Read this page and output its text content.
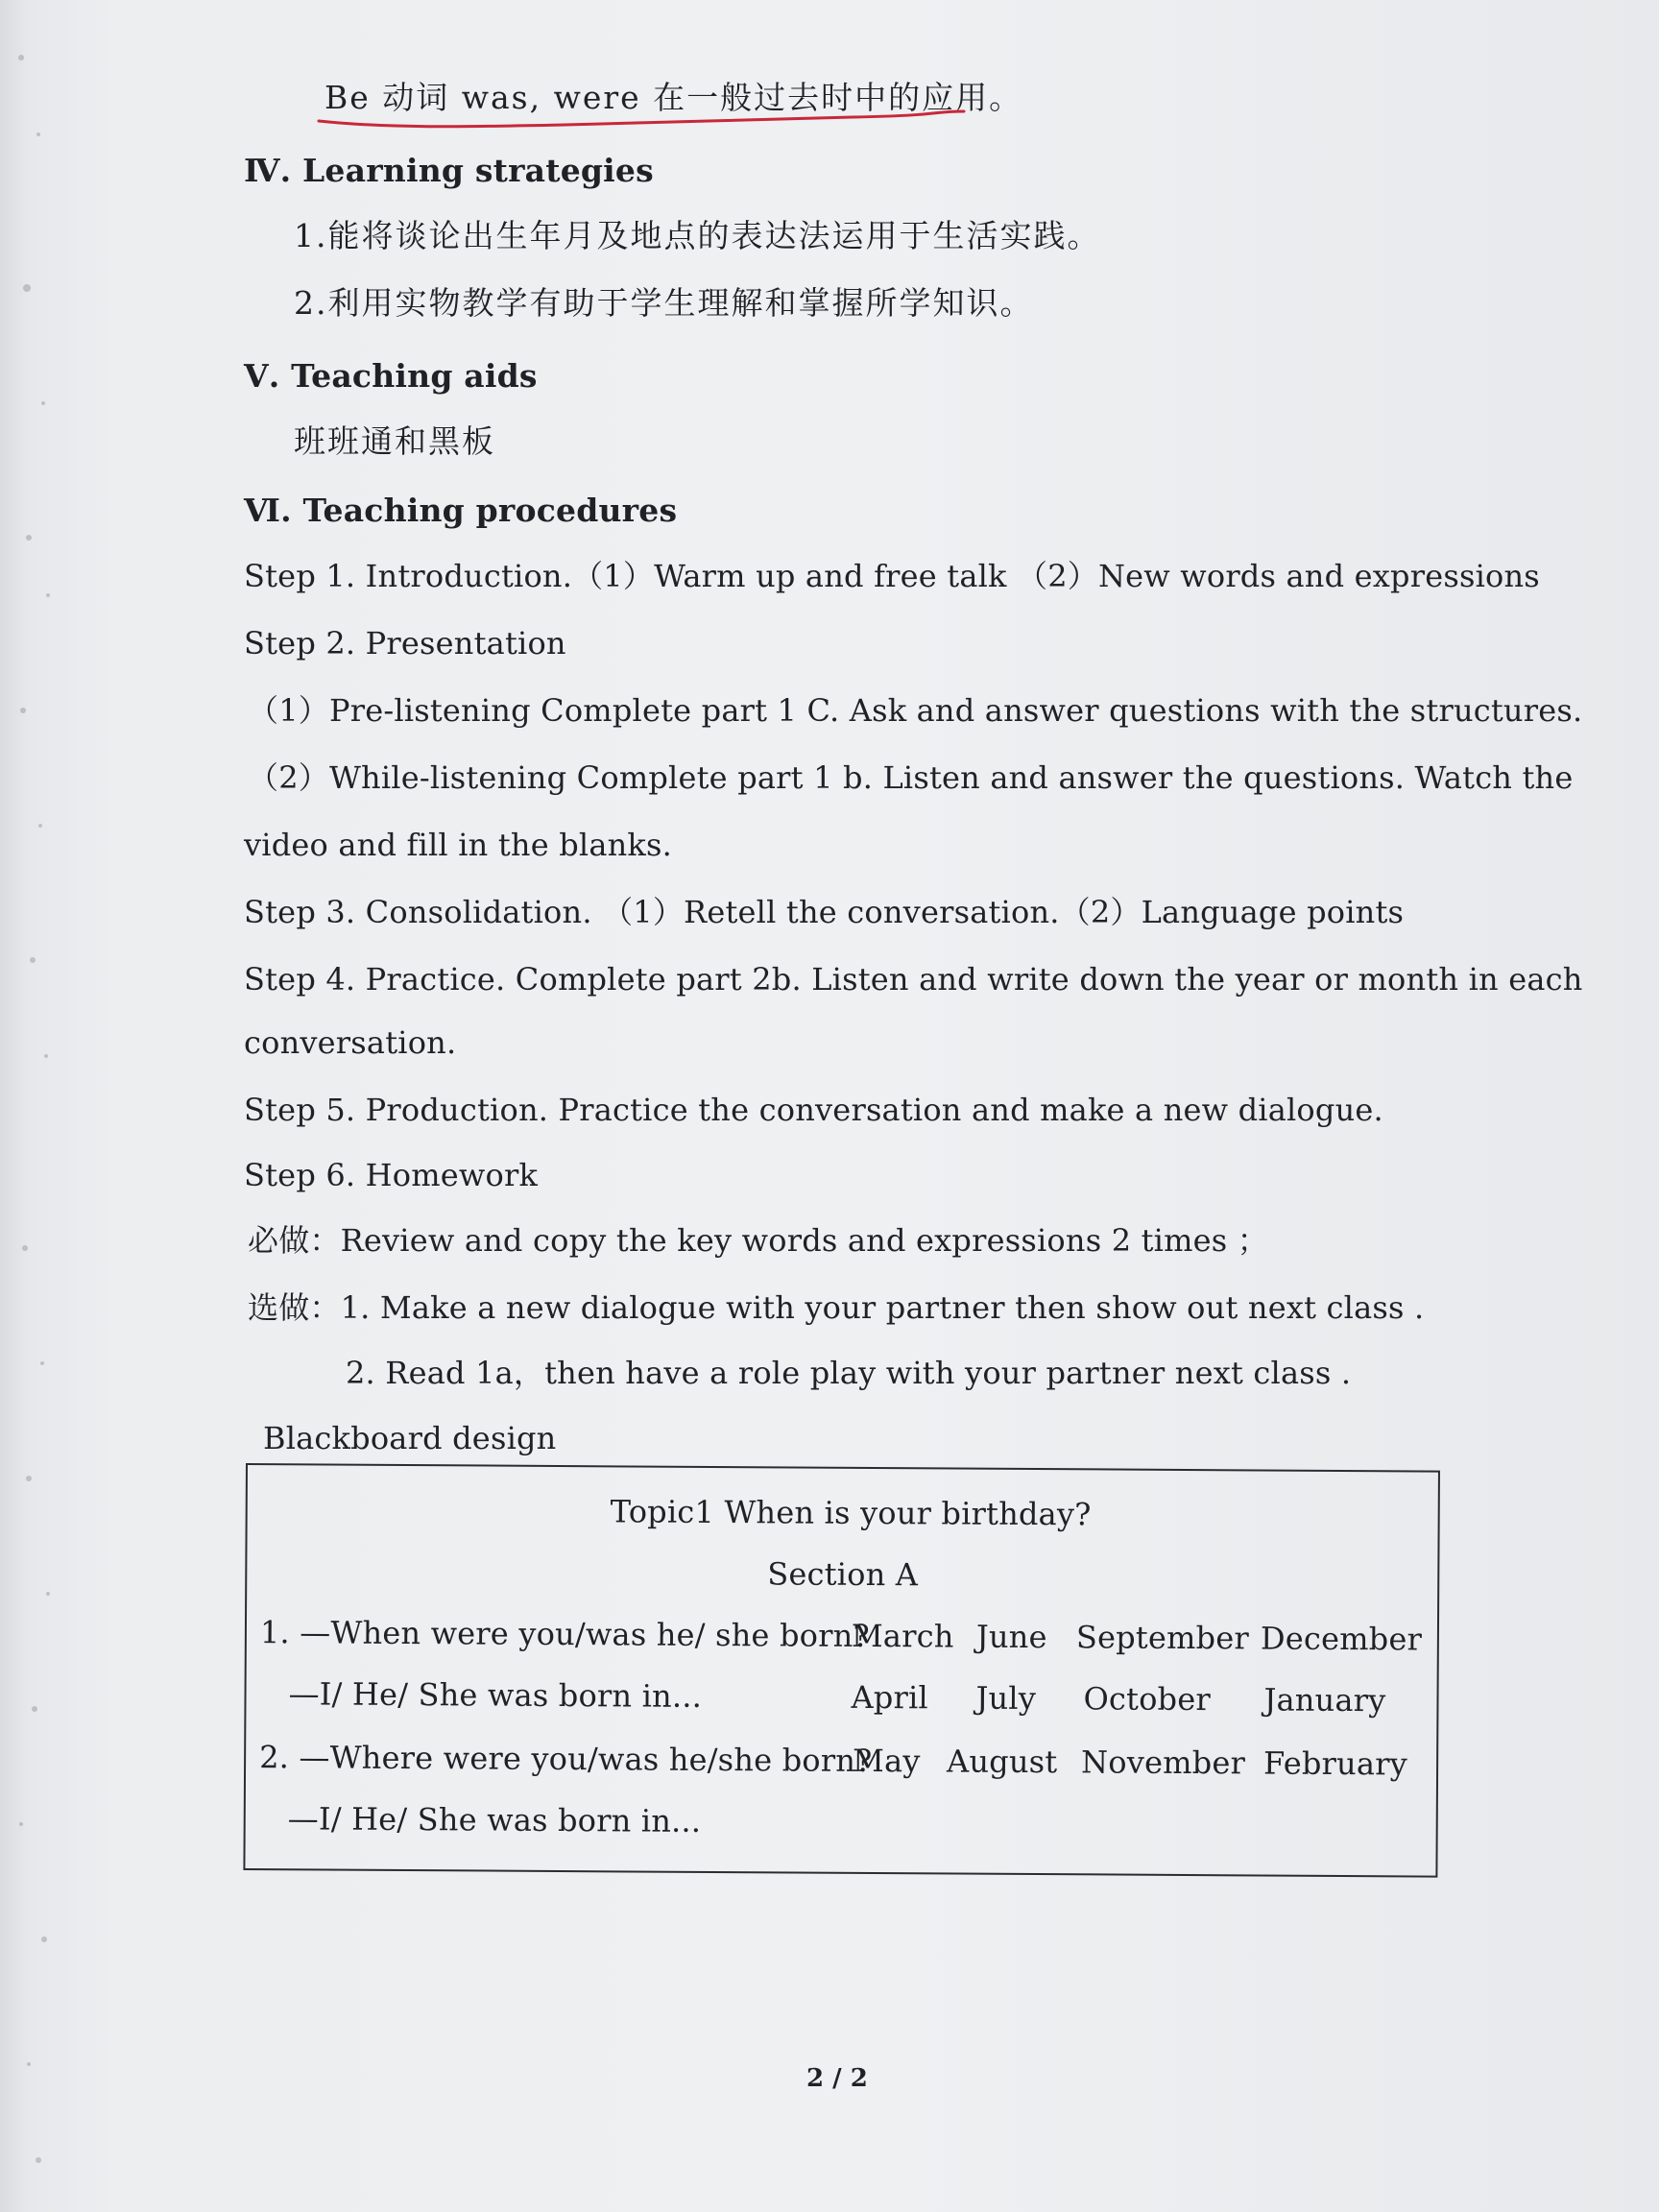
Be 动词 was, were 在一般过去时中的应用。
Ⅳ. Learning strategies
1.能将谈论出生年月及地点的表达法运用于生活实践。
2.利用实物教学有助于学生理解和掌握所学知识。
Ⅴ. Teaching aids
班班通和黑板
Ⅵ. Teaching procedures
Step 1. Introduction.（1）Warm up and free talk （2）New words and expressions
Step 2. Presentation
（1）Pre-listening Complete part 1 C. Ask and answer questions with the structures.
（2）While-listening Complete part 1 b. Listen and answer the questions. Watch the
video and fill in the blanks.
Step 3. Consolidation. （1）Retell the conversation.（2）Language points
Step 4. Practice. Complete part 2b. Listen and write down the year or month in each
conversation.
Step 5. Production. Practice the conversation and make a new dialogue.
Step 6. Homework
必做：Review and copy the key words and expressions 2 times ；
选做：1. Make a new dialogue with your partner then show out next class .
2. Read 1a，then have a role play with your partner next class .
Blackboard design
Topic1 When is your birthday?
Section A
1. —When were you/was he/ she born?
—I/ He/ She was born in...
2. —Where were you/was he/she born?
—I/ He/ She was born in...
March June September December
April July October January
May August November February
2 / 2
